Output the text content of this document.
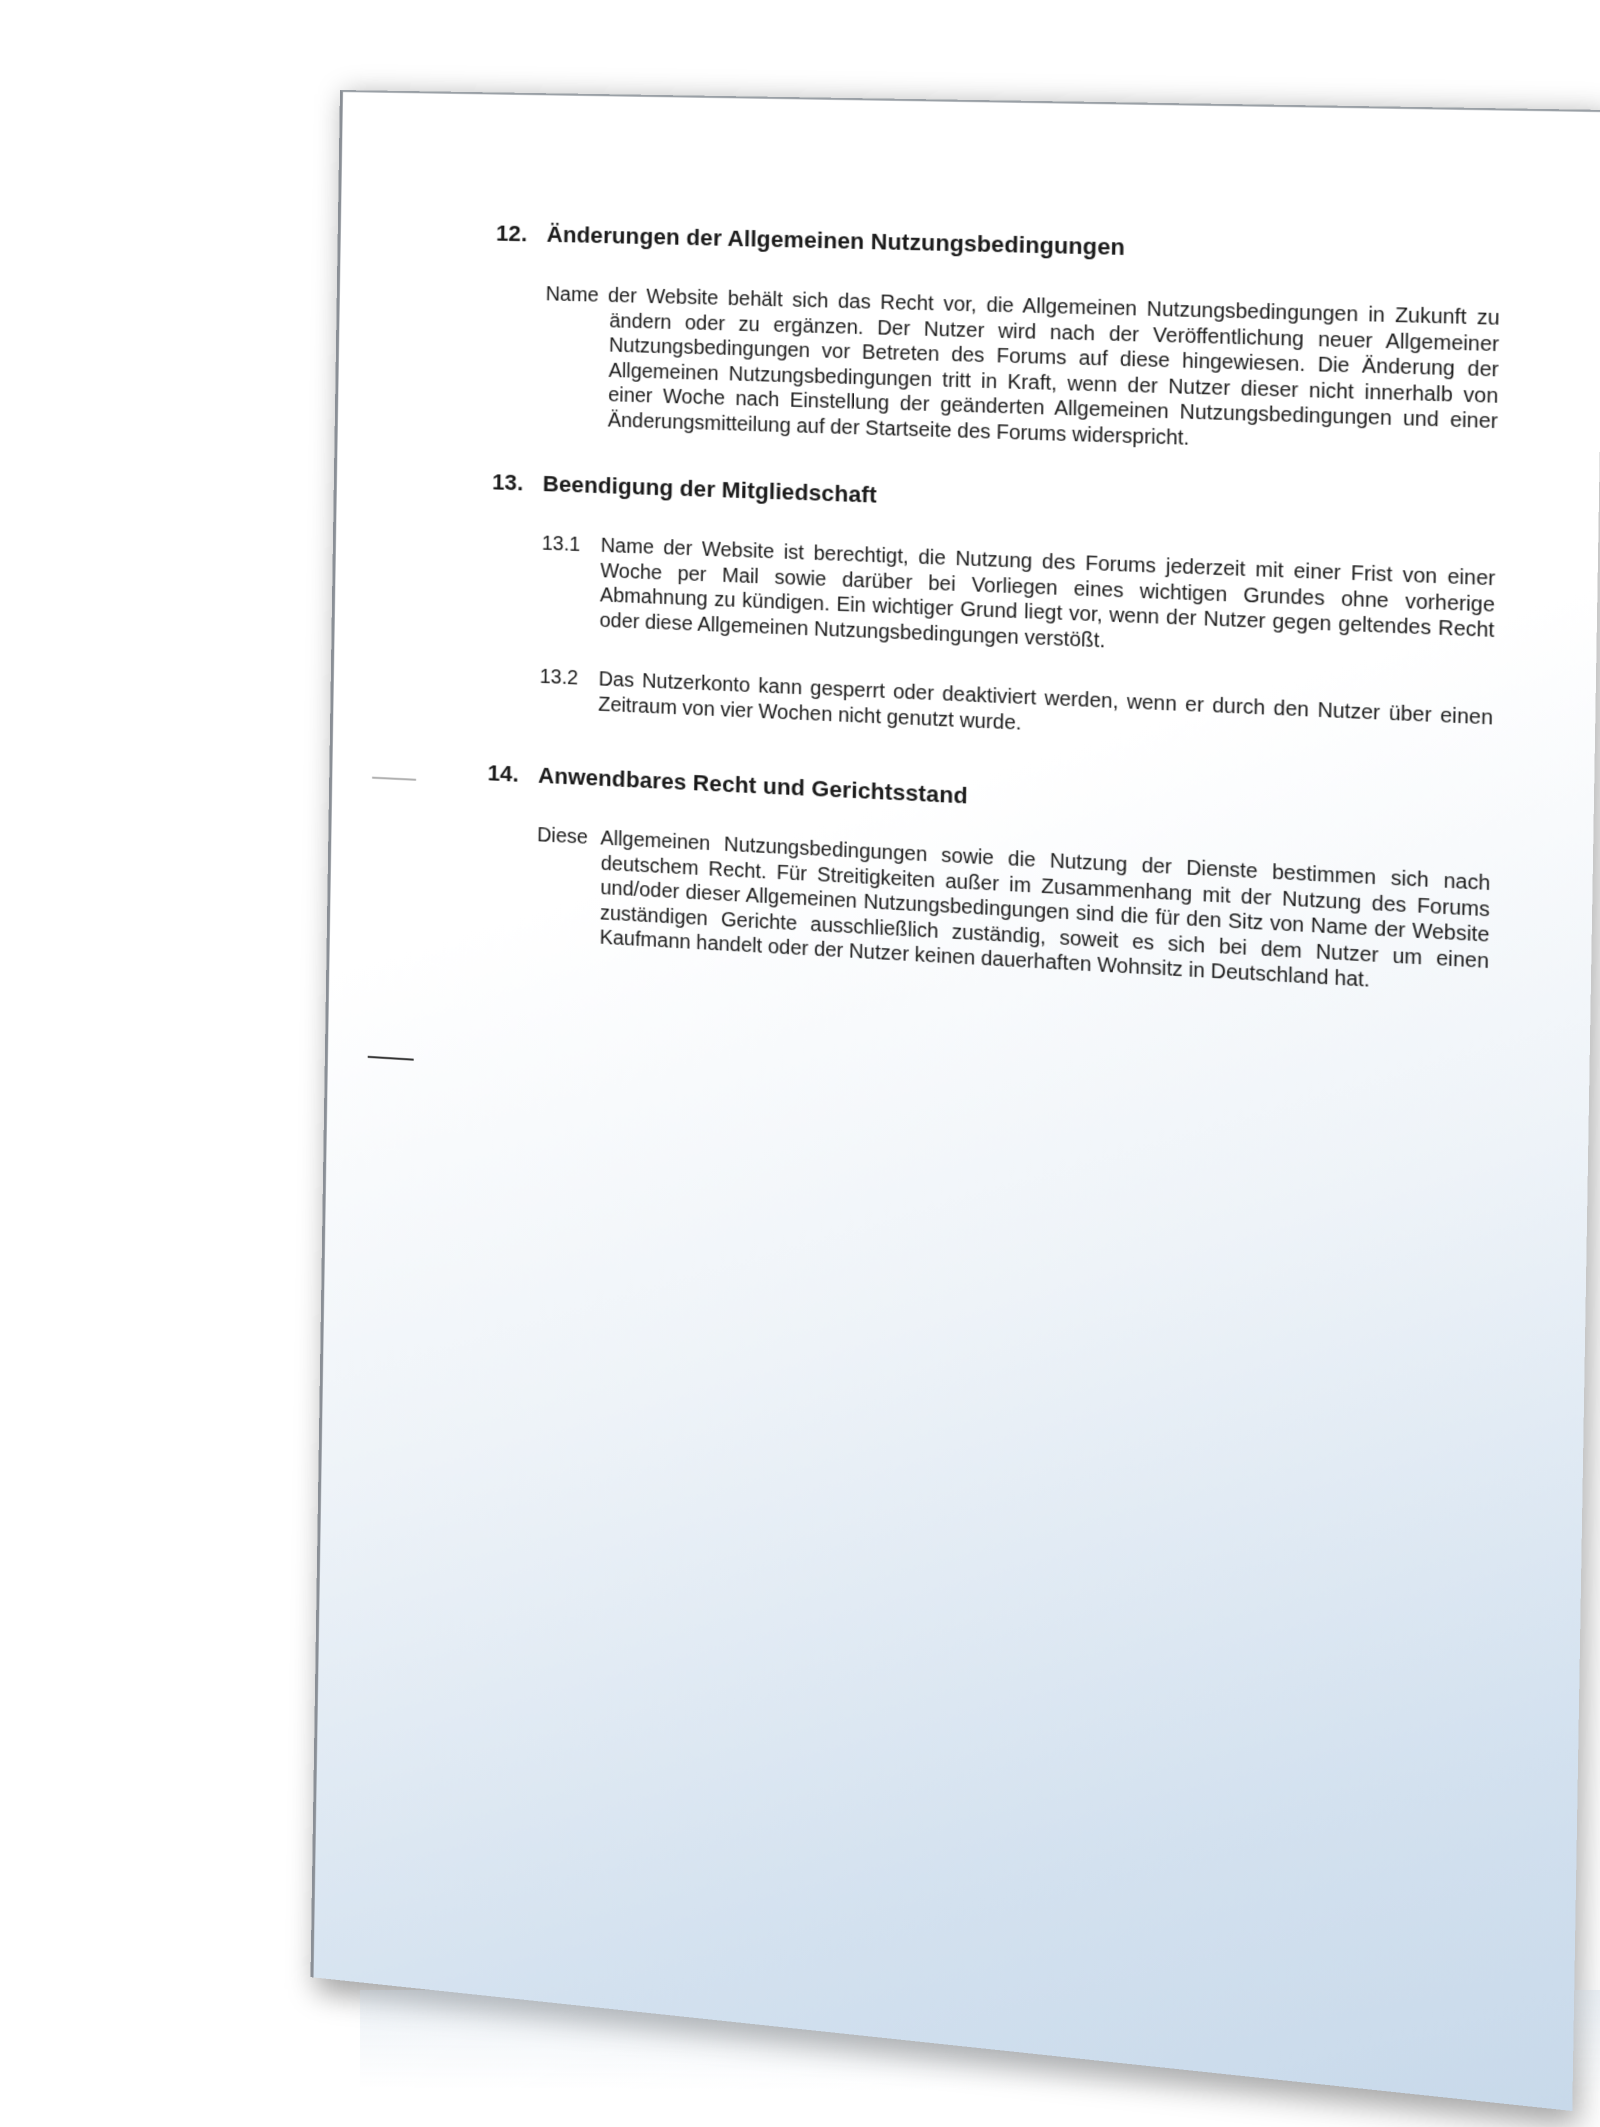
12. Änderungen der Allgemeinen Nutzungsbedingungen
Name der Website behält sich das Recht vor, die Allgemeinen Nutzungsbedingungen in Zukunft zu ändern oder zu ergänzen. Der Nutzer wird nach der Veröffentlichung neuer Allgemeiner Nutzungsbedingungen vor Betreten des Forums auf diese hingewiesen. Die Änderung der Allgemeinen Nutzungsbedingungen tritt in Kraft, wenn der Nutzer dieser nicht innerhalb von einer Woche nach Einstellung der geänderten Allgemeinen Nutzungsbedingungen und einer Änderungsmitteilung auf der Startseite des Forums widerspricht.
13. Beendigung der Mitgliedschaft
13.1	Name der Website ist berechtigt, die Nutzung des Forums jederzeit mit einer Frist von einer Woche per Mail sowie darüber bei Vorliegen eines wichtigen Grundes ohne vorherige Abmahnung zu kündigen. Ein wichtiger Grund liegt vor, wenn der Nutzer gegen geltendes Recht oder diese Allgemeinen Nutzungsbedingungen verstößt.
13.2	Das Nutzerkonto kann gesperrt oder deaktiviert werden, wenn er durch den Nutzer über einen Zeitraum von vier Wochen nicht genutzt wurde.
14. Anwendbares Recht und Gerichtsstand
Diese Allgemeinen Nutzungsbedingungen sowie die Nutzung der Dienste bestimmen sich nach deutschem Recht. Für Streitigkeiten außer im Zusammenhang mit der Nutzung des Forums und/oder dieser Allgemeinen Nutzungsbedingungen sind die für den Sitz von Name der Website zuständigen Gerichte ausschließlich zuständig, soweit es sich bei dem Nutzer um einen Kaufmann handelt oder der Nutzer keinen dauerhaften Wohnsitz in Deutschland hat.
